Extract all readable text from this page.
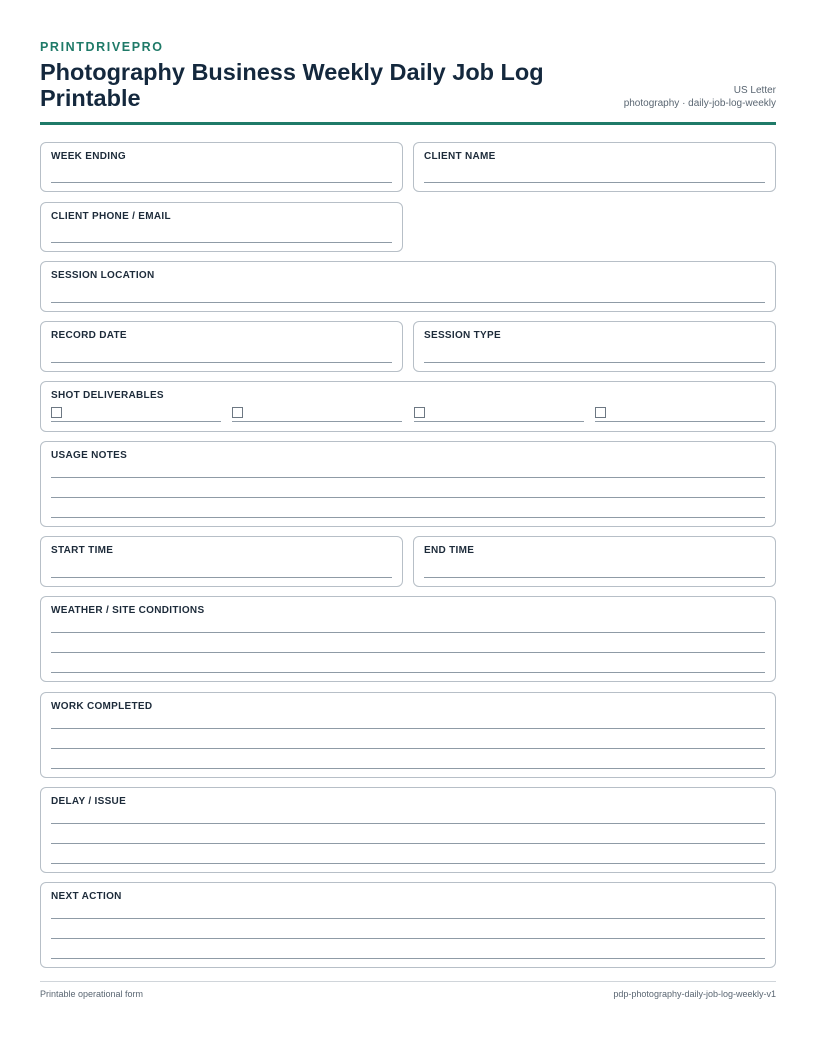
PRINTDRIVEPRO
Photography Business Weekly Daily Job Log Printable	US Letter
photography · daily-job-log-weekly
WEEK ENDING	CLIENT NAME
CLIENT PHONE / EMAIL
SESSION LOCATION
RECORD DATE	SESSION TYPE
SHOT DELIVERABLES
USAGE NOTES
START TIME	END TIME
WEATHER / SITE CONDITIONS
WORK COMPLETED
DELAY / ISSUE
NEXT ACTION
Printable operational form	pdp-photography-daily-job-log-weekly-v1
